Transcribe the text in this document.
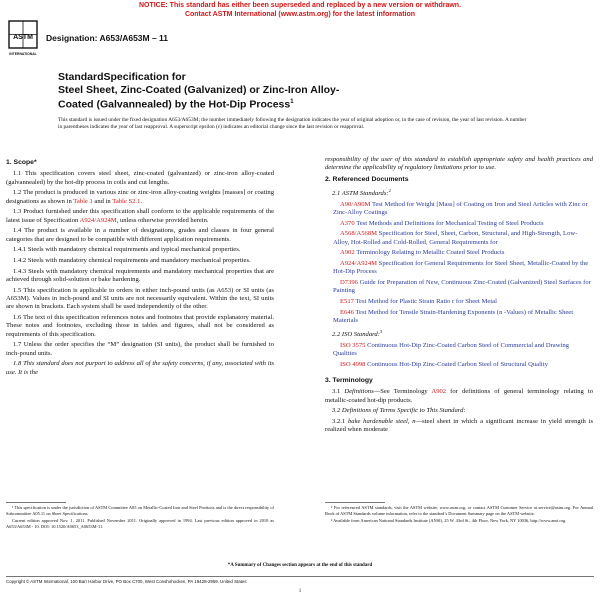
NOTICE: This standard has either been superseded and replaced by a new version or withdrawn.
Contact ASTM International (www.astm.org) for the latest information
ASTM
INTERNATIONAL
Designation: A653/A653M – 11
StandardSpecification for
Steel Sheet, Zinc-Coated (Galvanized) or Zinc-Iron Alloy-
Coated (Galvannealed) by the Hot-Dip Process$^1$
This standard is issued under the fixed designation A653/A653M; the number immediately following the designation indicates the year of original adoption or, in the case of revision, the year of last revision. A number in parentheses indicates the year of last reapproval. A superscript epsilon (ε) indicates an editorial change since the last revision or reapproval.
1. Scope*

1.1 This specification covers steel sheet, zinc-coated (galvanized) or zinc-iron alloy-coated (galvannealed) by the hot-dip process in coils and cut lengths.

1.2 The product is produced in various zinc or zinc-iron alloy-coating weights [masses] or coating designations as shown in Table 1 and in Table S2.1.

1.3 Product furnished under this specification shall conform to the applicable requirements of the latest issue of Specification A924/A924M, unless otherwise provided herein.

1.4 The product is available in a number of designations, grades and classes in four general categories that are designed to be compatible with different application requirements.

1.4.1 Steels with mandatory chemical requirements and typical mechanical properties.

1.4.2 Steels with mandatory chemical requirements and mandatory mechanical properties.

1.4.3 Steels with mandatory chemical requirements and mandatory mechanical properties that are achieved through solid-solution or bake hardening.

1.5 This specification is applicable to orders in either inch-pound units (as A653) or SI units (as A653M). Values in inch-pound and SI units are not necessarily equivalent. Within the text, SI units are shown in brackets. Each system shall be used independently of the other.

1.6 The text of this specification references notes and footnotes that provide explanatory material. These notes and footnotes, excluding those in tables and figures, shall not be considered as requirements of this specification.

1.7 Unless the order specifies the “M” designation (SI units), the product shall be furnished to inch-pound units.

1.8 This standard does not purport to address all of the safety concerns, if any, associated with its use. It is the

responsibility of the user of this standard to establish appropriate safety and health practices and determine the applicability of regulatory limitations prior to use.

2. Referenced Documents

2.1 ASTM Standards:$^2$

A90/A90M Test Method for Weight [Mass] of Coating on Iron and Steel Articles with Zinc or Zinc-Alloy Coatings

A370 Test Methods and Definitions for Mechanical Testing of Steel Products

A568/A568M Specification for Steel, Sheet, Carbon, Structural, and High-Strength, Low-Alloy, Hot-Rolled and Cold-Rolled, General Requirements for

A902 Terminology Relating to Metallic Coated Steel Products

A924/A924M Specification for General Requirements for Steel Sheet, Metallic-Coated by the Hot-Dip Process

D7396 Guide for Preparation of New, Continuous Zinc-Coated (Galvanized) Steel Surfaces for Painting

E517 Test Method for Plastic Strain Ratio r for Sheet Metal

E646 Test Method for Tensile Strain-Hardening Exponents (n -Values) of Metallic Sheet Materials

2.2 ISO Standard:$^3$

ISO 3575 Continuous Hot-Dip Zinc-Coated Carbon Steel of Commercial and Drawing Qualities

ISO 4998 Continuous Hot-Dip Zinc-Coated Carbon Steel of Structural Quality

3. Terminology

3.1 Definitions—See Terminology A902 for definitions of general terminology relating to metallic-coated hot-dip products.

3.2 Definitions of Terms Specific to This Standard:

3.2.1 bake hardenable steel, n—steel sheet in which a significant increase in yield strength is realized when moderate

¹ This specification is under the jurisdiction of ASTM Committee A05 on Metallic-Coated Iron and Steel Products and is the direct responsibility of Subcommittee A05.11 on Sheet Specifications.

Current edition approved Nov. 1, 2011. Published November 2011. Originally approved in 1994. Last previous edition approved in 2010 as A653/A653M - 10. DOI: 10.1520/A0653_A0653M-11.

² For referenced ASTM standards, visit the ASTM website, www.astm.org, or contact ASTM Customer Service at service@astm.org. For Annual Book of ASTM Standards volume information, refer to the standard’s Document Summary page on the ASTM website.

³ Available from American National Standards Institute (ANSI), 25 W. 43rd St., 4th Floor, New York, NY 10036, http://www.ansi.org.

*A Summary of Changes section appears at the end of this standard
Copyright © ASTM International, 100 Barr Harbor Drive, PO Box C700, West Conshohocken, PA 19428-2959. United States
1
